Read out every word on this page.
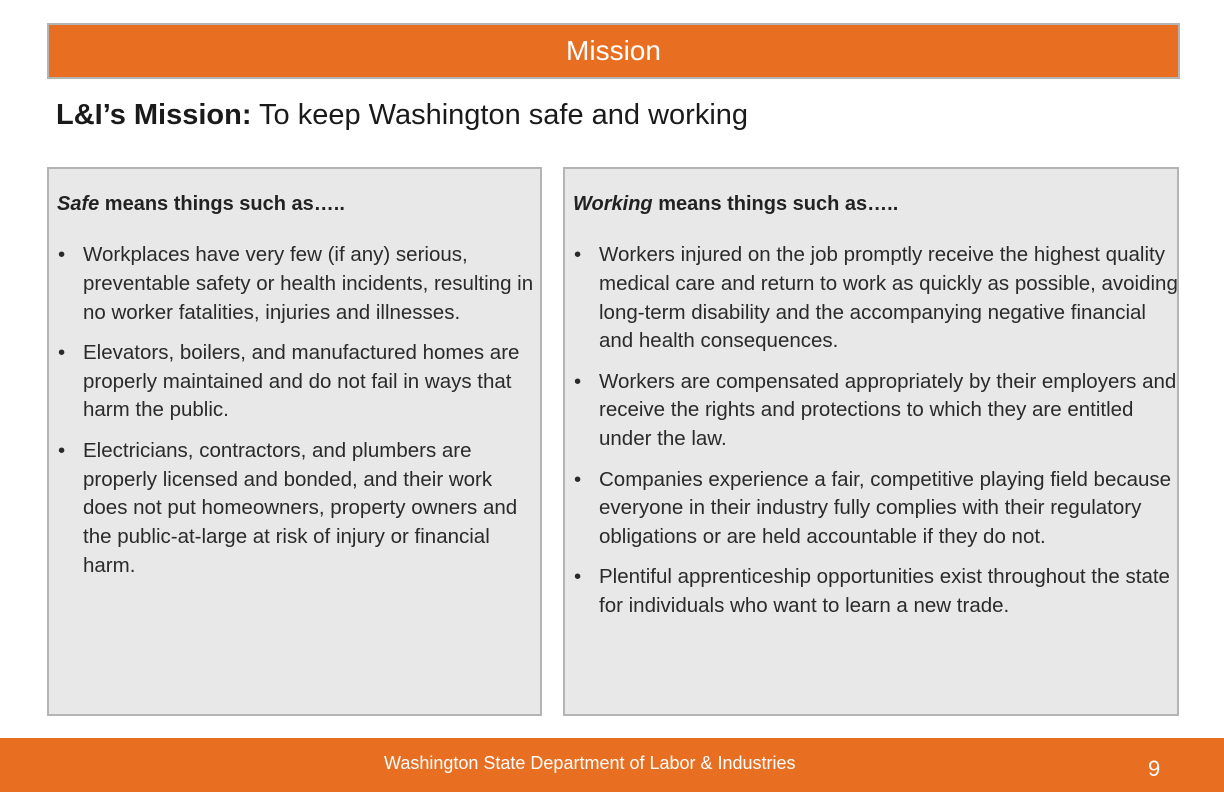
Mission
L&I’s Mission: To keep Washington safe and working
Safe means things such as…..
• Workplaces have very few (if any) serious, preventable safety or health incidents, resulting in no worker fatalities, injuries and illnesses.
• Elevators, boilers, and manufactured homes are properly maintained and do not fail in ways that harm the public.
• Electricians, contractors, and plumbers are properly licensed and bonded, and their work does not put homeowners, property owners and the public-at-large at risk of injury or financial harm.
Working means things such as…..
• Workers injured on the job promptly receive the highest quality medical care and return to work as quickly as possible, avoiding long-term disability and the accompanying negative financial and health consequences.
• Workers are compensated appropriately by their employers and receive the rights and protections to which they are entitled under the law.
• Companies experience a fair, competitive playing field because everyone in their industry fully complies with their regulatory obligations or are held accountable if they do not.
• Plentiful apprenticeship opportunities exist throughout the state for individuals who want to learn a new trade.
Washington State Department of Labor & Industries	9
